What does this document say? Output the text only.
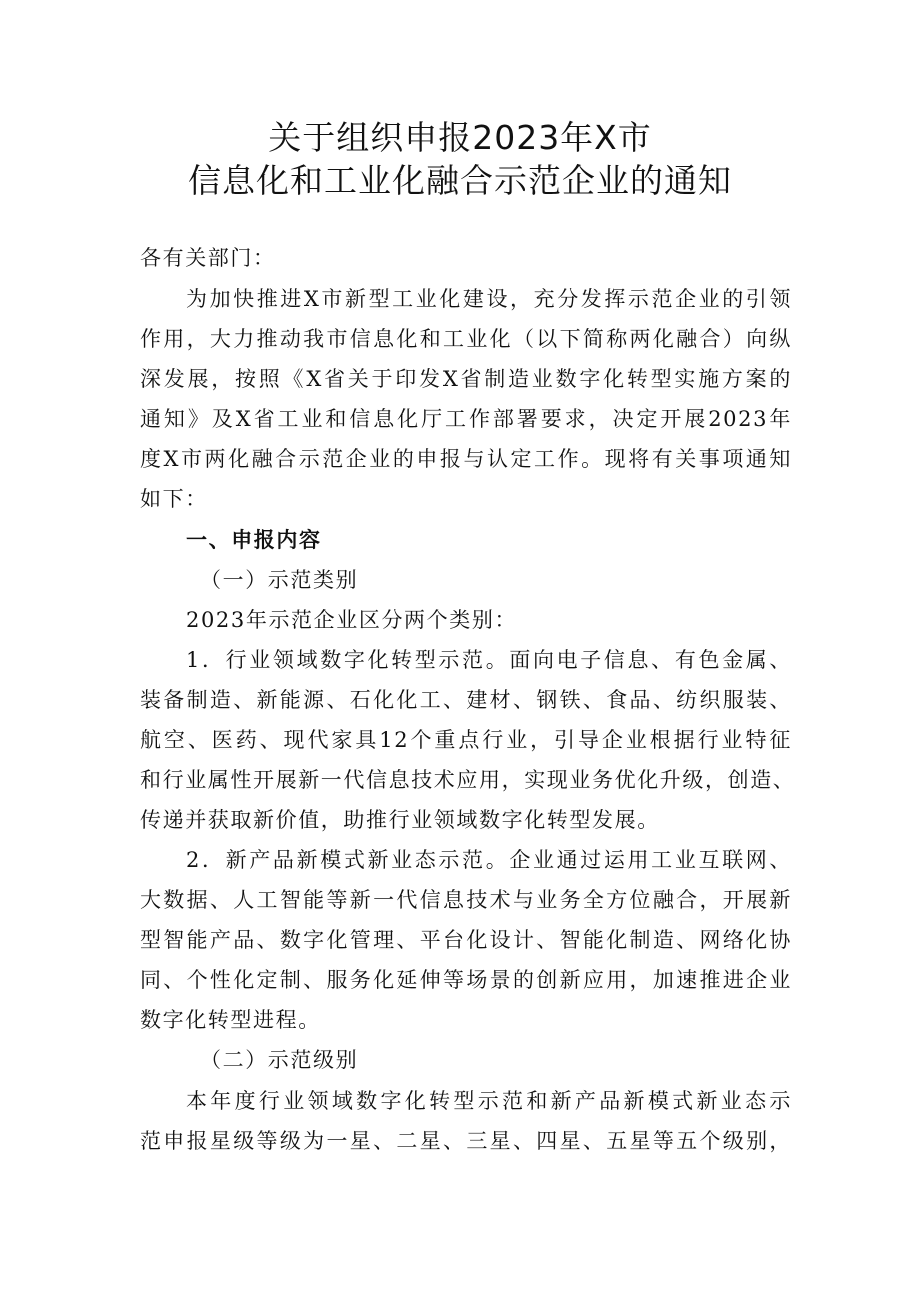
关于组织申报2023年X市
信息化和工业化融合示范企业的通知
各有关部门：
为加快推进X市新型工业化建设，充分发挥示范企业的引领
作用，大力推动我市信息化和工业化（以下简称两化融合）向纵
深发展，按照《X省关于印发X省制造业数字化转型实施方案的
通知》及X省工业和信息化厅工作部署要求，决定开展2023年
度X市两化融合示范企业的申报与认定工作。现将有关事项通知
如下：
一、申报内容
（一）示范类别
2023年示范企业区分两个类别：
1．行业领域数字化转型示范。面向电子信息、有色金属、
装备制造、新能源、石化化工、建材、钢铁、食品、纺织服装、
航空、医药、现代家具12个重点行业，引导企业根据行业特征
和行业属性开展新一代信息技术应用，实现业务优化升级，创造、
传递并获取新价值，助推行业领域数字化转型发展。
2．新产品新模式新业态示范。企业通过运用工业互联网、
大数据、人工智能等新一代信息技术与业务全方位融合，开展新
型智能产品、数字化管理、平台化设计、智能化制造、网络化协
同、个性化定制、服务化延伸等场景的创新应用，加速推进企业
数字化转型进程。
（二）示范级别
本年度行业领域数字化转型示范和新产品新模式新业态示
范申报星级等级为一星、二星、三星、四星、五星等五个级别，
